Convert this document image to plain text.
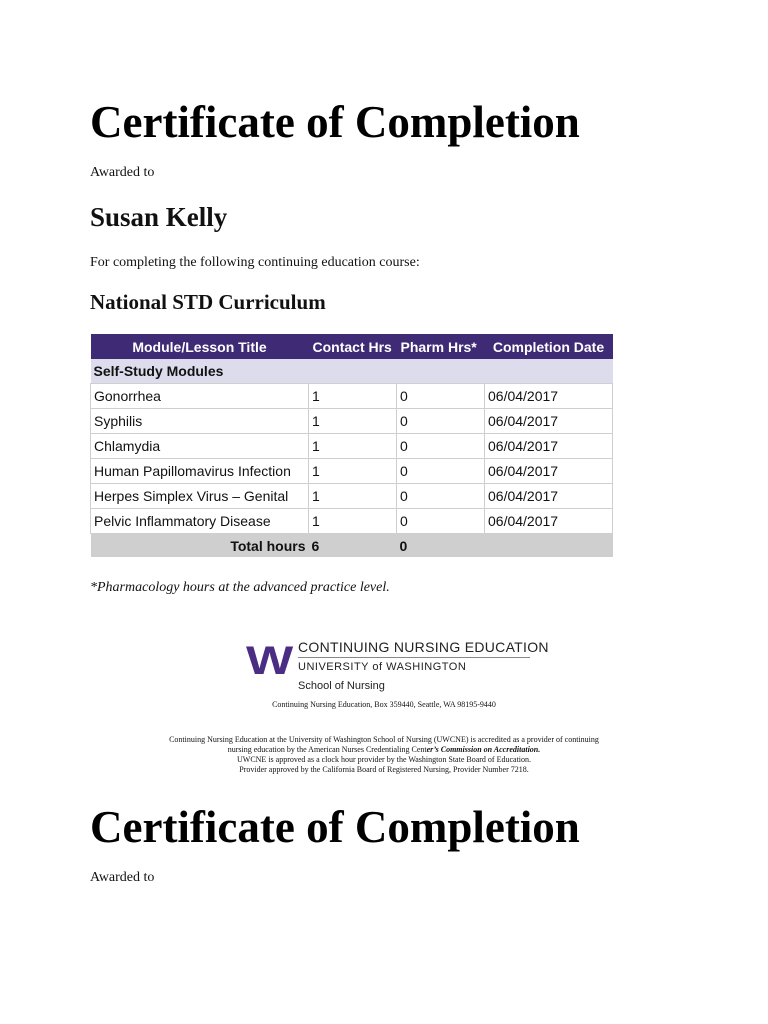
Certificate of Completion

Awarded to

Susan Kelly

For completing the following continuing education course:

National STD Curriculum
Module/Lesson Title	Contact Hrs	Pharm Hrs*	Completion Date
Self-Study Modules			
Gonorrhea	1	0	06/04/2017
Syphilis	1	0	06/04/2017
Chlamydia	1	0	06/04/2017
Human Papillomavirus Infection	1	0	06/04/2017
Herpes Simplex Virus – Genital	1	0	06/04/2017
Pelvic Inflammatory Disease	1	0	06/04/2017
Total hours	6	0	

*Pharmacology hours at the advanced practice level.

W CONTINUING NURSING EDUCATION
UNIVERSITY of WASHINGTON
School of Nursing

Continuing Nursing Education, Box 359440, Seattle, WA 98195-9440

Continuing Nursing Education at the University of Washington School of Nursing (UWCNE) is accredited as a provider of continuing
nursing education by the American Nurses Credentialing Center’s Commission on Accreditation.
UWCNE is approved as a clock hour provider by the Washington State Board of Education.
Provider approved by the California Board of Registered Nursing, Provider Number 7218.

Certificate of Completion

Awarded to
